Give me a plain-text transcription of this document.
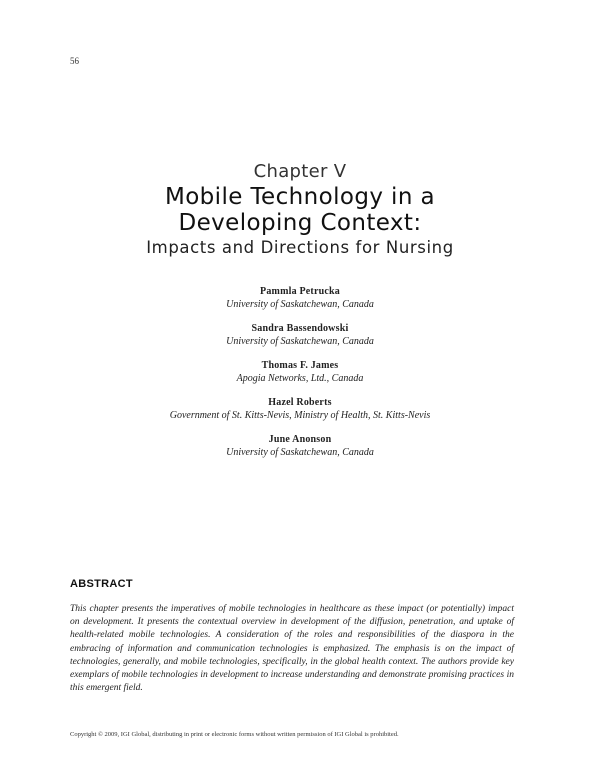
56
Chapter V
Mobile Technology in a
Developing Context:
Impacts and Directions for Nursing
Pammla Petrucka
University of Saskatchewan, Canada
Sandra Bassendowski
University of Saskatchewan, Canada
Thomas F. James
Apogia Networks, Ltd., Canada
Hazel Roberts
Government of St. Kitts-Nevis, Ministry of Health, St. Kitts-Nevis
June Anonson
University of Saskatchewan, Canada
ABSTRACT

This chapter presents the imperatives of mobile technologies in healthcare as these impact (or potentially) impact on development. It presents the contextual overview in development of the diffusion, penetration, and uptake of health-related mobile technologies. A consideration of the roles and responsibilities of the diaspora in the embracing of information and communication technologies is emphasized. The emphasis is on the impact of technologies, generally, and mobile technologies, specifically, in the global health context. The authors provide key exemplars of mobile technologies in development to increase understanding and demonstrate promising practices in this emergent field.

Copyright © 2009, IGI Global, distributing in print or electronic forms without written permission of IGI Global is prohibited.
